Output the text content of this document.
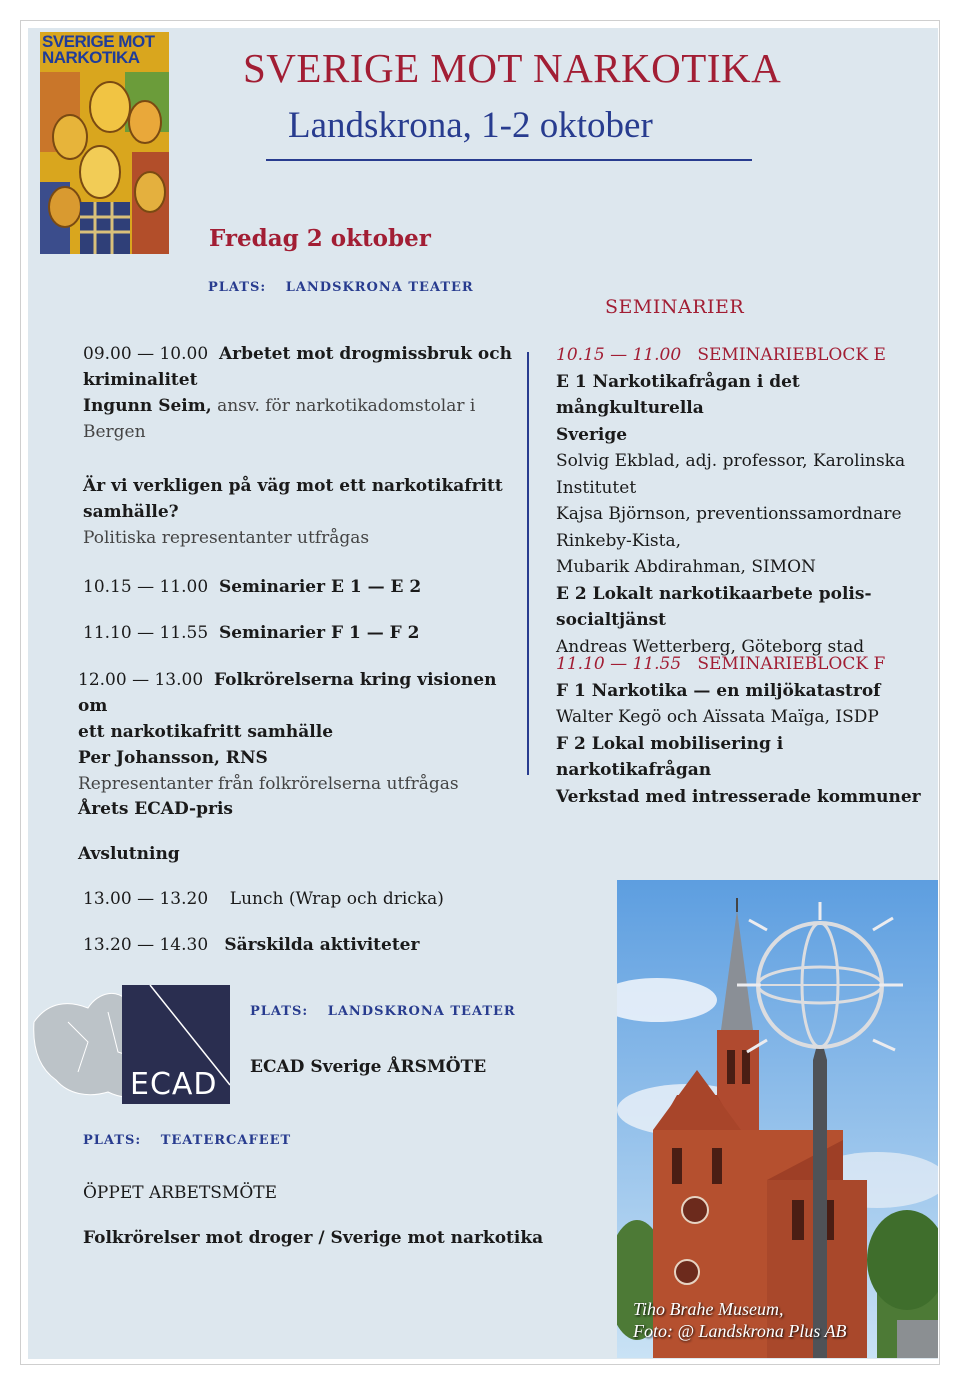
SVERIGE MOT
NARKOTIKA	SVERIGE MOT NARKOTIKA
Landskrona, 1-2 oktober
Fredag 2 oktober
PLATS: LANDSKRONA TEATER
09.00 — 10.00 Arbetet mot drogmissbruk och
kriminalitet
Ingunn Seim, ansv. för narkotikadomstolar i
Bergen
Är vi verkligen på väg mot ett narkotikafritt
samhälle?
Politiska representanter utfrågas
10.15 — 11.00 Seminarier E 1 — E 2
11.10 — 11.55 Seminarier F 1 — F 2
12.00 — 13.00 Folkrörelserna kring visionen om
ett narkotikafritt samhälle
Per Johansson, RNS
Representanter från folkrörelserna utfrågas
Årets ECAD-pris
Avslutning
13.00 — 13.20 Lunch (Wrap och dricka)
13.20 — 14.30 Särskilda aktiviteter
SEMINARIER
10.15 — 11.00 SEMINARIEBLOCK E
E 1 Narkotikafrågan i det mångkulturella
Sverige
Solvig Ekblad, adj. professor, Karolinska
Institutet
Kajsa Björnson, preventionssamordnare
Rinkeby-Kista,
Mubarik Abdirahman, SIMON
E 2 Lokalt narkotikaarbete polis-
socialtjänst
Andreas Wetterberg, Göteborg stad
11.10 — 11.55 SEMINARIEBLOCK F
F 1 Narkotika — en miljökatastrof
Walter Kegö och Aïssata Maïga, ISDP
F 2 Lokal mobilisering i narkotikafrågan
Verkstad med intresserade kommuner
ECAD
PLATS: LANDSKRONA TEATER
ECAD Sverige ÅRSMÖTE
PLATS: TEATERCAFEET
ÖPPET ARBETSMÖTE
Folkrörelser mot droger / Sverige mot narkotika
Tiho Brahe Museum,
Foto: @ Landskrona Plus AB
